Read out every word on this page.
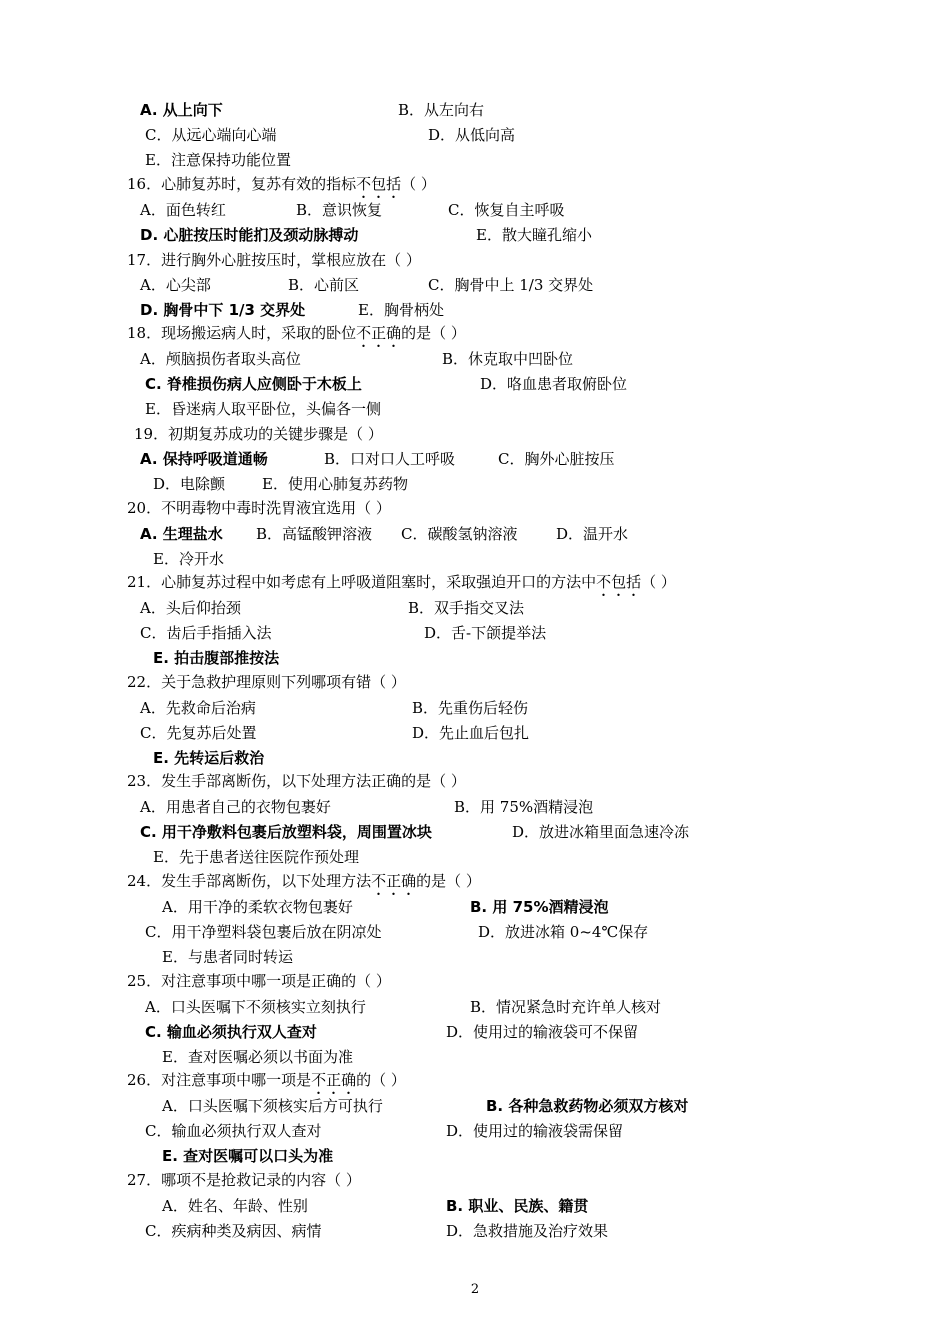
A. 从上向下	B．从左向右
C．从远心端向心端	D．从低向高
E．注意保持功能位置
16．心肺复苏时，复苏有效的指标不包括（ ）
A．面色转红	B．意识恢复	C．恢复自主呼吸
D. 心脏按压时能扪及颈动脉搏动	E．散大瞳孔缩小
17．进行胸外心脏按压时，掌根应放在（ ）
A．心尖部	B．心前区	C．胸骨中上 1/3 交界处
D. 胸骨中下 1/3 交界处	E．胸骨柄处
18．现场搬运病人时，采取的卧位不正确的是（ ）
A．颅脑损伤者取头高位	B．休克取中凹卧位
C. 脊椎损伤病人应侧卧于木板上	D．咯血患者取俯卧位
E．昏迷病人取平卧位，头偏各一侧
19．初期复苏成功的关键步骤是（ ）
A. 保持呼吸道通畅	B．口对口人工呼吸	C．胸外心脏按压
D．电除颤 E．使用心肺复苏药物
20．不明毒物中毒时洗胃液宜选用（ ）
A. 生理盐水 B．高锰酸钾溶液 C．碳酸氢钠溶液	D．温开水
E．冷开水
21．心肺复苏过程中如考虑有上呼吸道阻塞时，采取强迫开口的方法中不包括（ ）
A．头后仰抬颈	B．双手指交叉法
C．齿后手指插入法	D．舌-下颌提举法
E. 拍击腹部推按法
22．关于急救护理原则下列哪项有错（ ）
A．先救命后治病	B．先重伤后轻伤
C．先复苏后处置	D．先止血后包扎
E. 先转运后救治
23．发生手部离断伤，以下处理方法正确的是（ ）
A．用患者自己的衣物包裹好	B．用 75%酒精浸泡
C. 用干净敷料包裹后放塑料袋，周围置冰块	D．放进冰箱里面急速冷冻
E．先于患者送往医院作预处理
24．发生手部离断伤，以下处理方法不正确的是（ ）
A．用干净的柔软衣物包裹好	B. 用 75%酒精浸泡
C．用干净塑料袋包裹后放在阴凉处	D．放进冰箱 0~4℃保存
E．与患者同时转运
25．对注意事项中哪一项是正确的（ ）
A．口头医嘱下不须核实立刻执行	B．情况紧急时充许单人核对
C. 输血必须执行双人查对	D．使用过的输液袋可不保留
E．查对医嘱必须以书面为准
26．对注意事项中哪一项是不正确的（ ）
A．口头医嘱下须核实后方可执行	B. 各种急救药物必须双方核对
C．输血必须执行双人查对	D．使用过的输液袋需保留
E. 查对医嘱可以口头为准
27．哪项不是抢救记录的内容（ ）
A．姓名、年龄、性别	B. 职业、民族、籍贯
C．疾病种类及病因、病情	D．急救措施及治疗效果
2
